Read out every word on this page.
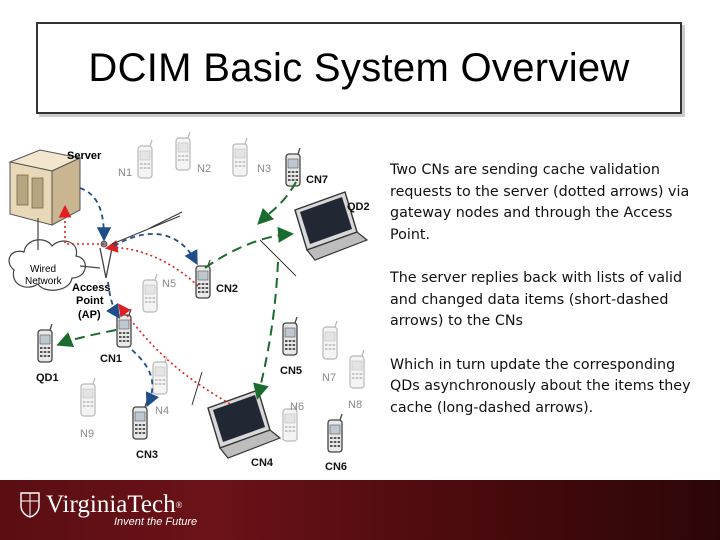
DCIM Basic System Overview
Server
Wired
Network
Access
Point
(AP)
CN7
QD2
CN2
CN1
QD1
CN5
CN3
CN4	CN6
N1	N2	N3
N4
N5
N6
N7
N8
N9

Two CNs are sending cache validation requests to the server (dotted arrows) via gateway nodes and through the Access Point.

The server replies back with lists of valid and changed data items (short-dashed arrows) to the CNs

Which in turn update the corresponding QDs asynchronously about the items they cache (long-dashed arrows).

VirginiaTech®
Invent the Future
